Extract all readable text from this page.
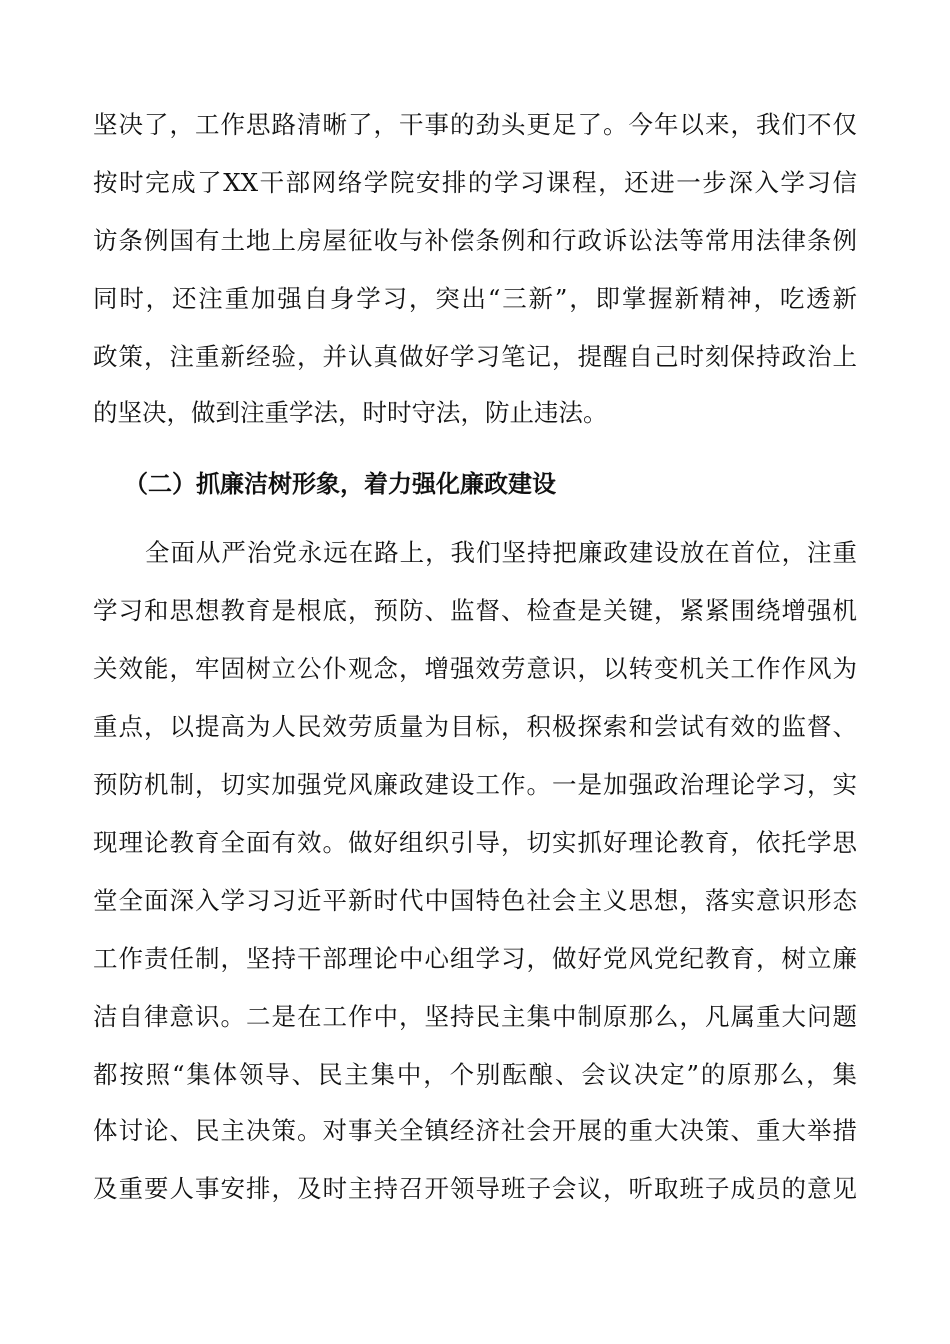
坚决了，工作思路清晰了，干事的劲头更足了。今年以来，我们不仅
按时完成了XX干部网络学院安排的学习课程，还进一步深入学习信
访条例国有土地上房屋征收与补偿条例和行政诉讼法等常用法律条例
同时，还注重加强自身学习，突出“三新”，即掌握新精神，吃透新
政策，注重新经验，并认真做好学习笔记，提醒自己时刻保持政治上
的坚决，做到注重学法，时时守法，防止违法。
（二）抓廉洁树形象，着力强化廉政建设
全面从严治党永远在路上，我们坚持把廉政建设放在首位，注重
学习和思想教育是根底，预防、监督、检查是关键，紧紧围绕增强机
关效能，牢固树立公仆观念，增强效劳意识，以转变机关工作作风为
重点，以提高为人民效劳质量为目标，积极探索和尝试有效的监督、
预防机制，切实加强党风廉政建设工作。一是加强政治理论学习，实
现理论教育全面有效。做好组织引导，切实抓好理论教育，依托学思
堂全面深入学习习近平新时代中国特色社会主义思想，落实意识形态
工作责任制，坚持干部理论中心组学习，做好党风党纪教育，树立廉
洁自律意识。二是在工作中，坚持民主集中制原那么，凡属重大问题
都按照“集体领导、民主集中，个别酝酿、会议决定”的原那么，集
体讨论、民主决策。对事关全镇经济社会开展的重大决策、重大举措
及重要人事安排，及时主持召开领导班子会议，听取班子成员的意见
